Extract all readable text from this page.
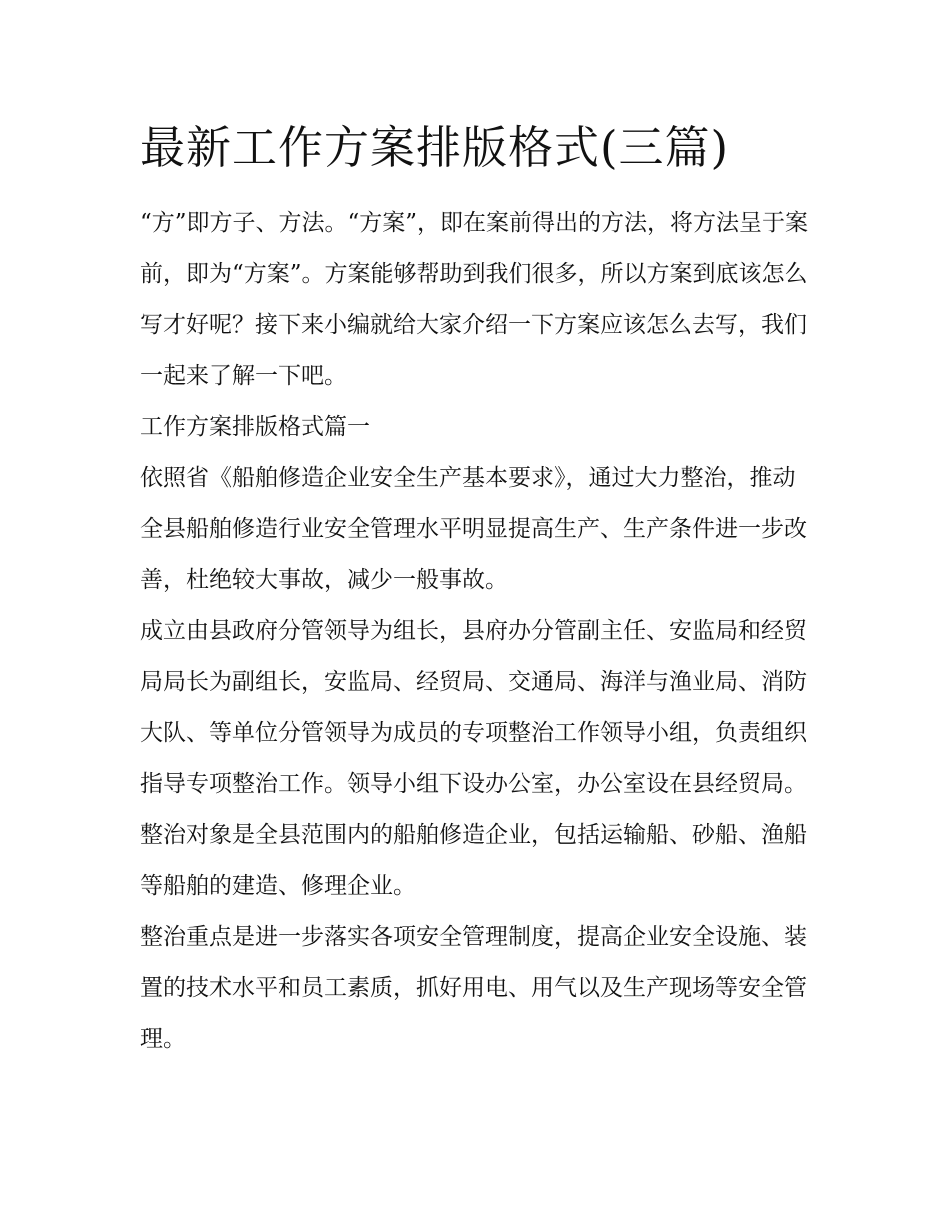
最新工作方案排版格式(三篇)

“方”即方子、方法。“方案”，即在案前得出的方法，将方法呈于案前，即为“方案”。方案能够帮助到我们很多，所以方案到底该怎么写才好呢？接下来小编就给大家介绍一下方案应该怎么去写，我们一起来了解一下吧。

工作方案排版格式篇一

依照省《船舶修造企业安全生产基本要求》，通过大力整治，推动全县船舶修造行业安全管理水平明显提高生产、生产条件进一步改善，杜绝较大事故，减少一般事故。

成立由县政府分管领导为组长，县府办分管副主任、安监局和经贸局局长为副组长，安监局、经贸局、交通局、海洋与渔业局、消防大队、等单位分管领导为成员的专项整治工作领导小组，负责组织指导专项整治工作。领导小组下设办公室，办公室设在县经贸局。

整治对象是全县范围内的船舶修造企业，包括运输船、砂船、渔船等船舶的建造、修理企业。

整治重点是进一步落实各项安全管理制度，提高企业安全设施、装置的技术水平和员工素质，抓好用电、用气以及生产现场等安全管理。
